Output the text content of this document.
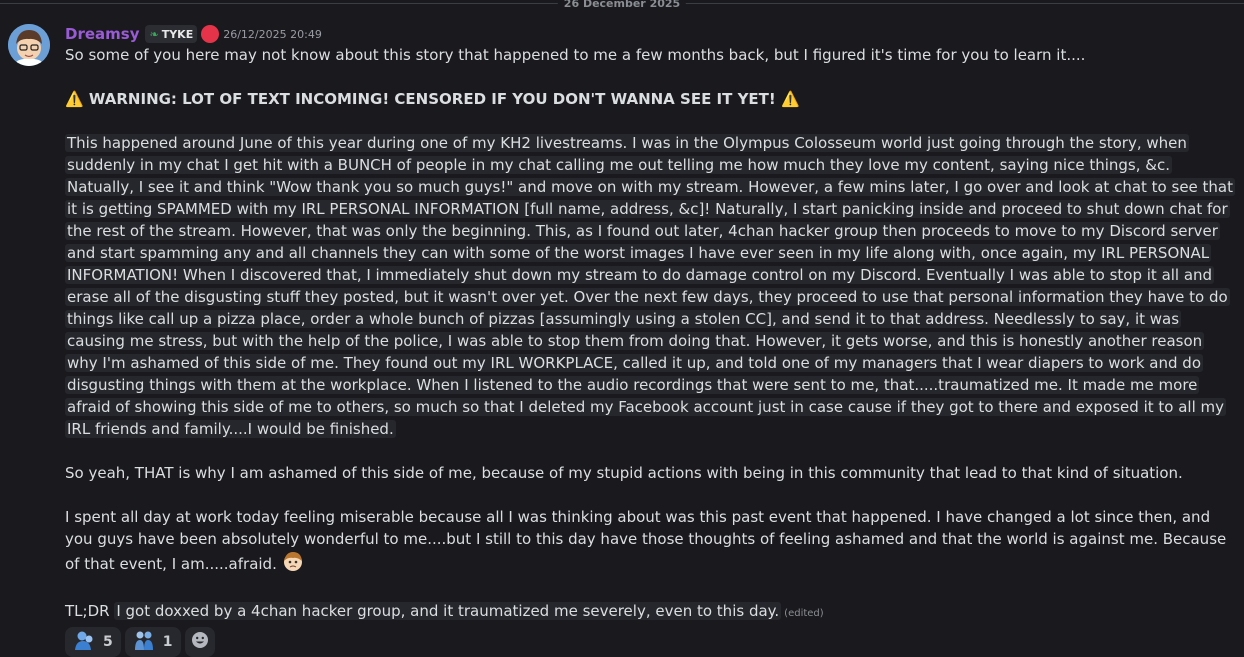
26 December 2025
Dreamsy ❧ TYKE	26/12/2025 20:49

So some of you here may not know about this story that happened to me a few months back, but I figured it's time for you to learn it....

⚠️ WARNING: LOT OF TEXT INCOMING! CENSORED IF YOU DON'T WANNA SEE IT YET! ⚠️

This happened around June of this year during one of my KH2 livestreams. I was in the Olympus Colosseum world just going through the story, when suddenly in my chat I get hit with a BUNCH of people in my chat calling me out telling me how much they love my content, saying nice things, &c. Natually, I see it and think "Wow thank you so much guys!" and move on with my stream. However, a few mins later, I go over and look at chat to see that it is getting SPAMMED with my IRL PERSONAL INFORMATION [full name, address, &c]! Naturally, I start panicking inside and proceed to shut down chat for the rest of the stream. However, that was only the beginning. This, as I found out later, 4chan hacker group then proceeds to move to my Discord server and start spamming any and all channels they can with some of the worst images I have ever seen in my life along with, once again, my IRL PERSONAL INFORMATION! When I discovered that, I immediately shut down my stream to do damage control on my Discord. Eventually I was able to stop it all and erase all of the disgusting stuff they posted, but it wasn't over yet. Over the next few days, they proceed to use that personal information they have to do things like call up a pizza place, order a whole bunch of pizzas [assumingly using a stolen CC], and send it to that address. Needlessly to say, it was causing me stress, but with the help of the police, I was able to stop them from doing that. However, it gets worse, and this is honestly another reason why I'm ashamed of this side of me. They found out my IRL WORKPLACE, called it up, and told one of my managers that I wear diapers to work and do disgusting things with them at the workplace. When I listened to the audio recordings that were sent to me, that.....traumatized me. It made me more afraid of showing this side of me to others, so much so that I deleted my Facebook account just in case cause if they got to there and exposed it to all my IRL friends and family....I would be finished.

So yeah, THAT is why I am ashamed of this side of me, because of my stupid actions with being in this community that lead to that kind of situation.

I spent all day at work today feeling miserable because all I was thinking about was this past event that happened. I have changed a lot since then, and you guys have been absolutely wonderful to me....but I still to this day have those thoughts of feeling ashamed and that the world is against me. Because of that event, I am.....afraid.

TL;DR I got doxxed by a 4chan hacker group, and it traumatized me severely, even to this day. (edited)

5	1
